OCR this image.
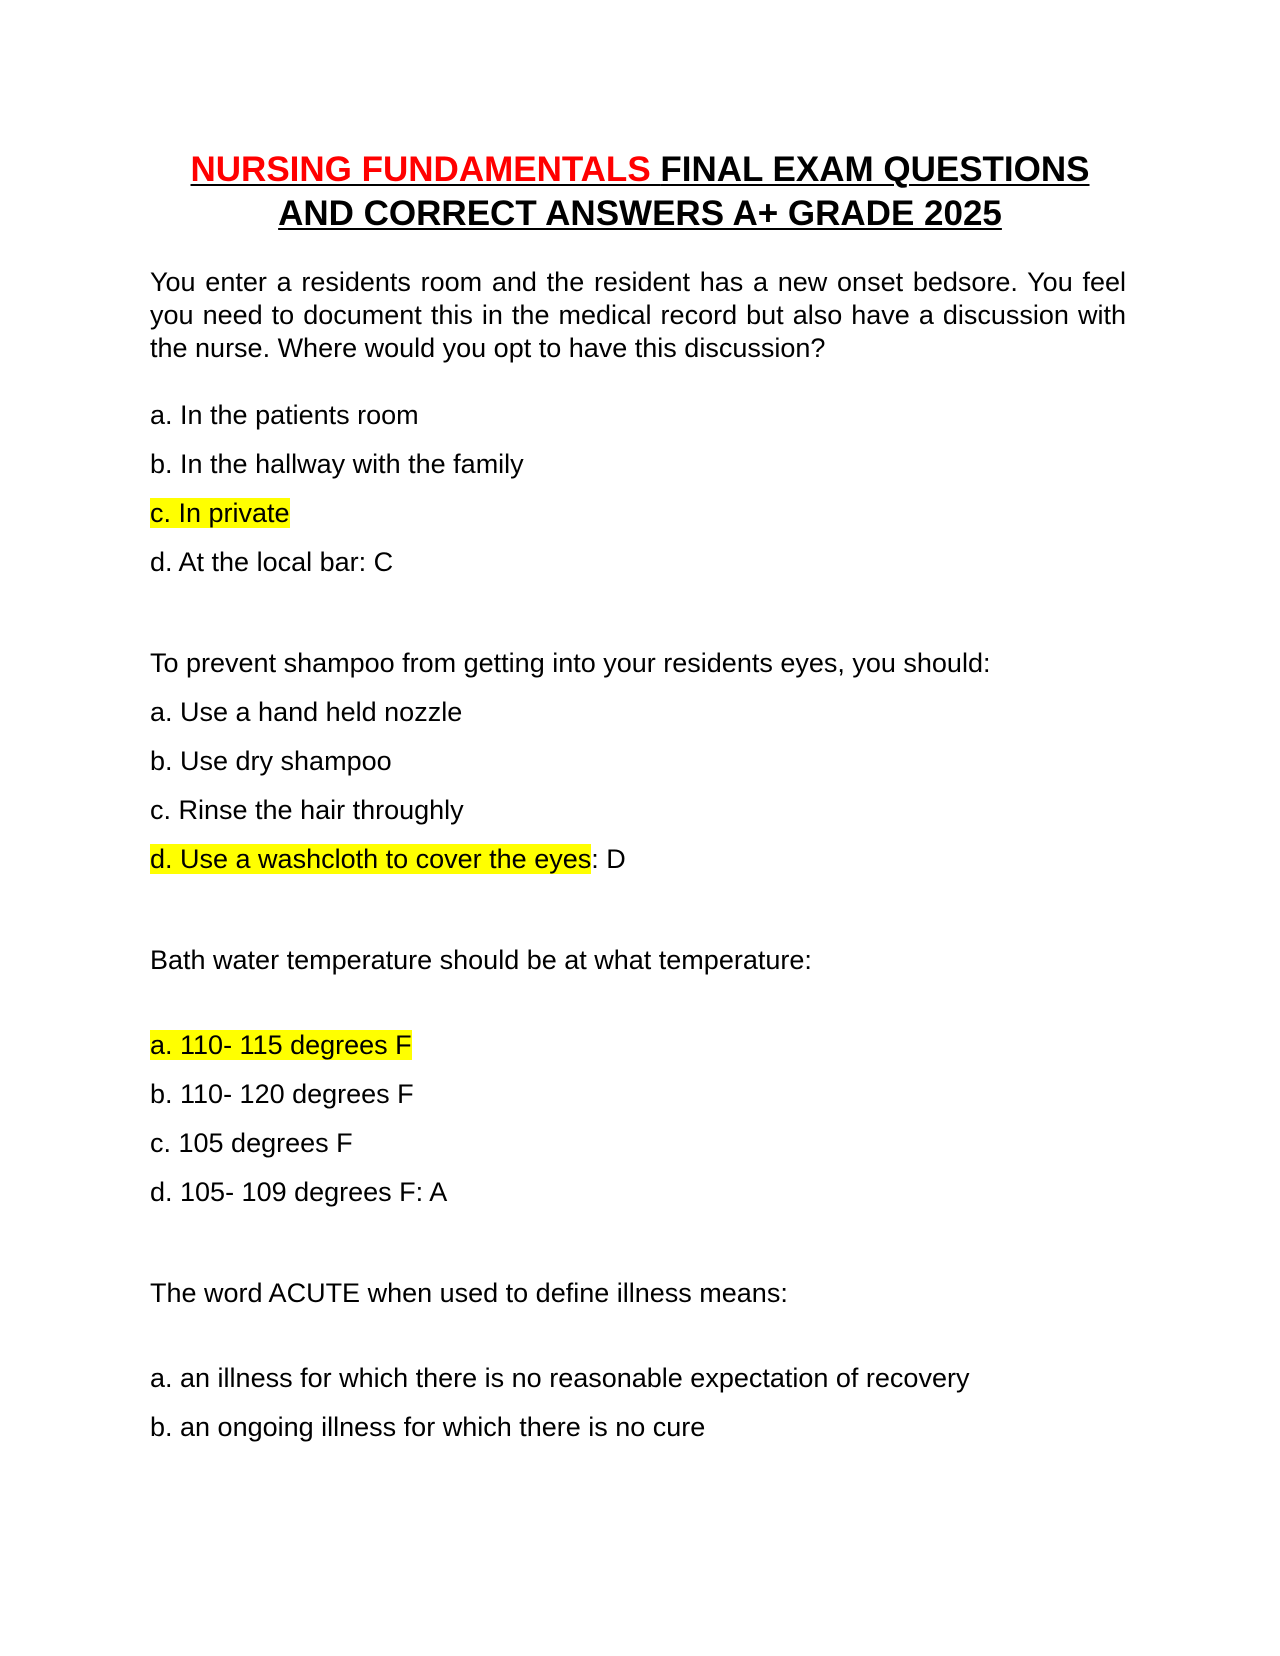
NURSING FUNDAMENTALS FINAL EXAM QUESTIONS
AND CORRECT ANSWERS A+ GRADE 2025
You enter a residents room and the resident has a new onset bedsore. You feel you need to document this in the medical record but also have a discussion with the nurse. Where would you opt to have this discussion?
a. In the patients room
b. In the hallway with the family
c. In private
d. At the local bar: C
To prevent shampoo from getting into your residents eyes, you should:
a. Use a hand held nozzle
b. Use dry shampoo
c. Rinse the hair throughly
d. Use a washcloth to cover the eyes: D
Bath water temperature should be at what temperature:
a. 110- 115 degrees F
b. 110- 120 degrees F
c. 105 degrees F
d. 105- 109 degrees F: A
The word ACUTE when used to define illness means:
a. an illness for which there is no reasonable expectation of recovery
b. an ongoing illness for which there is no cure
